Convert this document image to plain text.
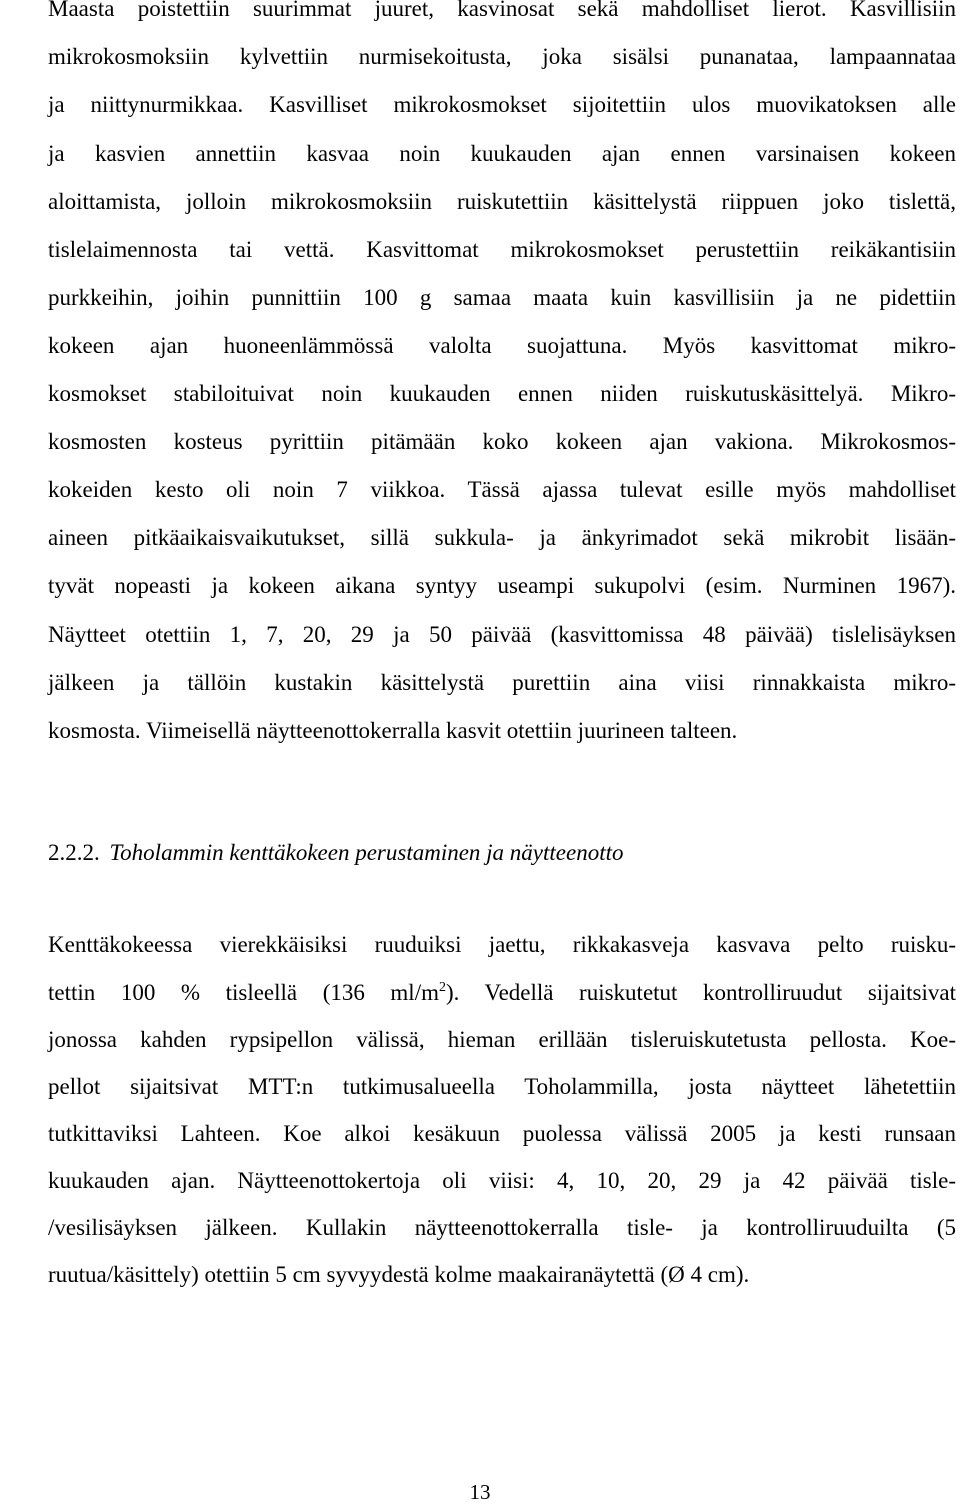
Maasta poistettiin suurimmat juuret, kasvinosat sekä mahdolliset lierot. Kasvillisiin
mikrokosmoksiin kylvettiin nurmisekoitusta, joka sisälsi punanataa, lampaannataa
ja niittynurmikkaa. Kasvilliset mikrokosmokset sijoitettiin ulos muovikatoksen alle
ja kasvien annettiin kasvaa noin kuukauden ajan ennen varsinaisen kokeen
aloittamista, jolloin mikrokosmoksiin ruiskutettiin käsittelystä riippuen joko tislettä,
tislelaimennosta tai vettä. Kasvittomat mikrokosmokset perustettiin reikäkantisiin
purkkeihin, joihin punnittiin 100 g samaa maata kuin kasvillisiin ja ne pidettiin
kokeen ajan huoneenlämmössä valolta suojattuna. Myös kasvittomat mikro-
kosmokset stabiloituivat noin kuukauden ennen niiden ruiskutuskäsittelyä. Mikro-
kosmosten kosteus pyrittiin pitämään koko kokeen ajan vakiona. Mikrokosmos-
kokeiden kesto oli noin 7 viikkoa. Tässä ajassa tulevat esille myös mahdolliset
aineen pitkäaikaisvaikutukset, sillä sukkula- ja änkyrimadot sekä mikrobit lisään-
tyvät nopeasti ja kokeen aikana syntyy useampi sukupolvi (esim. Nurminen 1967).
Näytteet otettiin 1, 7, 20, 29 ja 50 päivää (kasvittomissa 48 päivää) tislelisäyksen
jälkeen ja tällöin kustakin käsittelystä purettiin aina viisi rinnakkaista mikro-
kosmosta. Viimeisellä näytteenottokerralla kasvit otettiin juurineen talteen.
2.2.2. Toholammin kenttäkokeen perustaminen ja näytteenotto
Kenttäkokeessa vierekkäisiksi ruuduiksi jaettu, rikkakasveja kasvava pelto ruisku-
tettin 100 % tisleellä (136 $ml/m^2$). Vedellä ruiskutetut kontrolliruudut sijaitsivat
jonossa kahden rypsipellon välissä, hieman erillään tisleruiskutetusta pellosta. Koe-
pellot sijaitsivat MTT:n tutkimusalueella Toholammilla, josta näytteet lähetettiin
tutkittaviksi Lahteen. Koe alkoi kesäkuun puolessa välissä 2005 ja kesti runsaan
kuukauden ajan. Näytteenottokertoja oli viisi: 4, 10, 20, 29 ja 42 päivää tisle-
/vesilisäyksen jälkeen. Kullakin näytteenottokerralla tisle- ja kontrolliruuduilta (5
ruutua/käsittely) otettiin 5 cm syvyydestä kolme maakairanäytettä (Ø 4 cm).
13
